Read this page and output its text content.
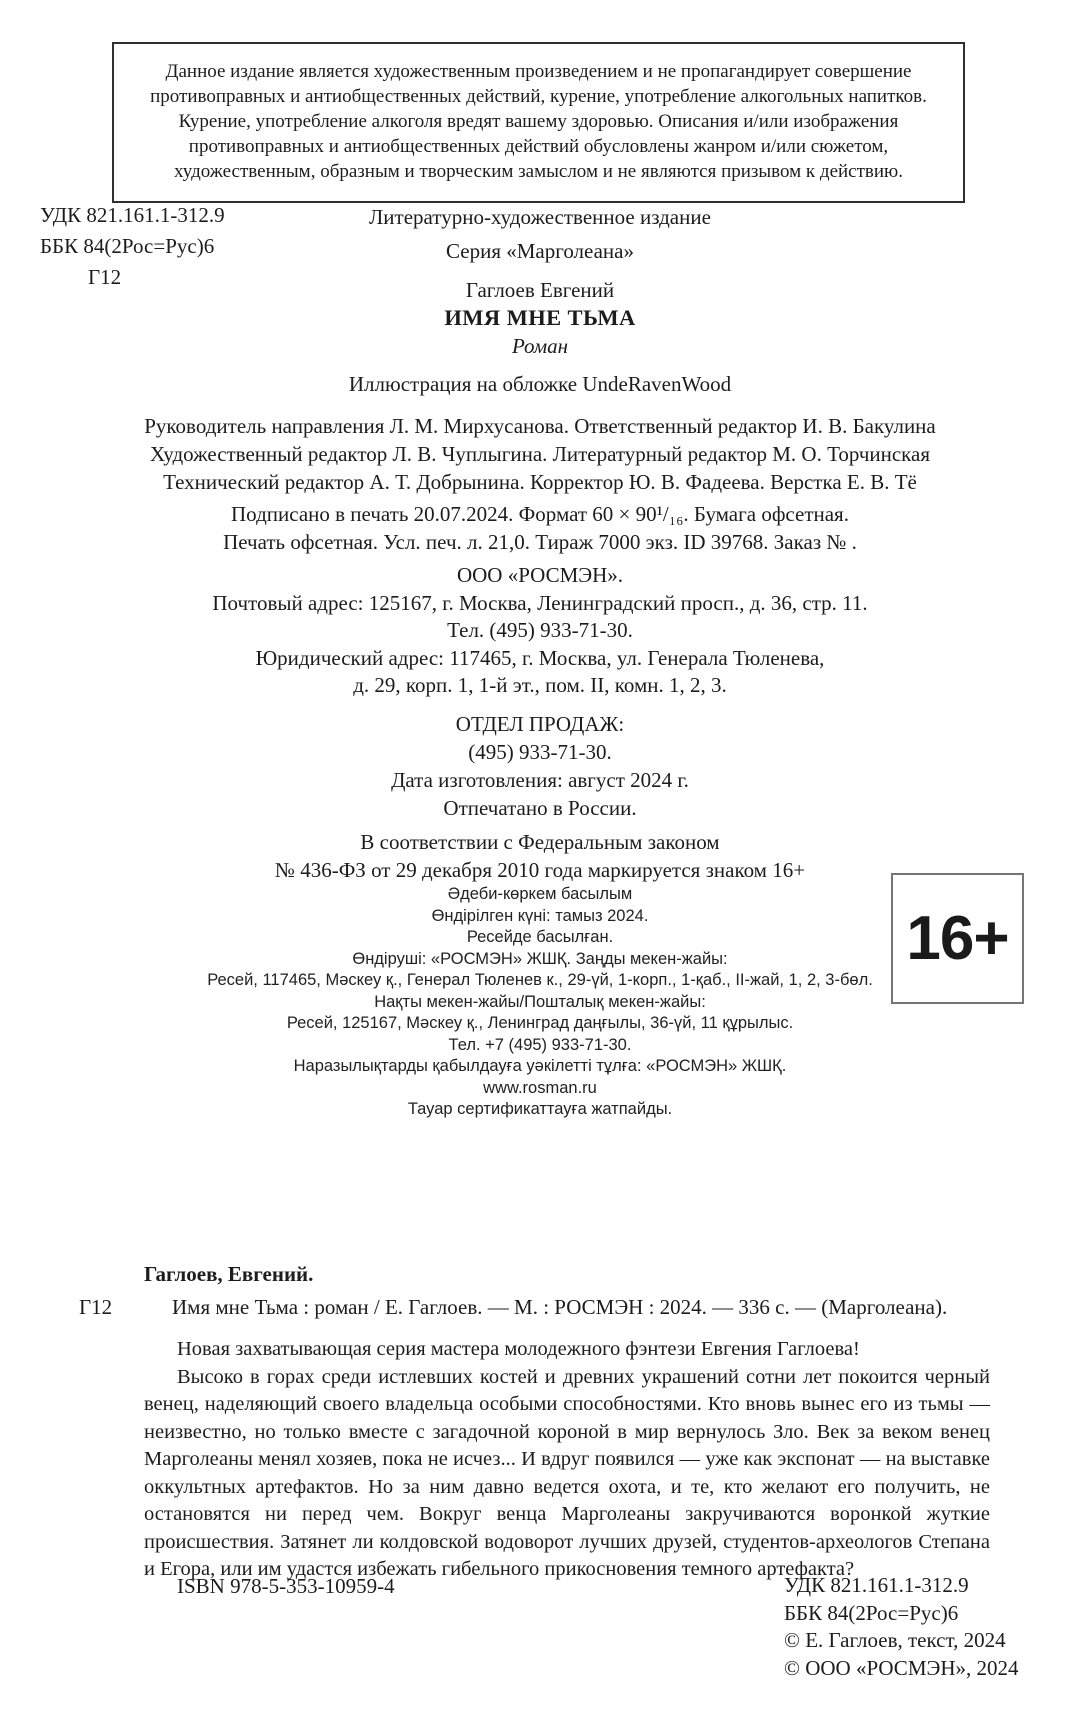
Данное издание является художественным произведением и не пропагандирует совершение
противоправных и антиобщественных действий, курение, употребление алкогольных напитков.
Курение, употребление алкоголя вредят вашему здоровью. Описания и/или изображения
противоправных и антиобщественных действий обусловлены жанром и/или сюжетом,
художественным, образным и творческим замыслом и не являются призывом к действию.
УДК 821.161.1-312.9
ББК 84(2Рос=Рус)6
Г12
Литературно-художественное издание
Серия «Марголеана»
Гаглоев Евгений
ИМЯ МНЕ ТЬМА
Роман
Иллюстрация на обложке UndeRavenWood
Руководитель направления Л. М. Мирхусанова. Ответственный редактор И. В. Бакулина
Художественный редактор Л. В. Чуплыгина. Литературный редактор М. О. Торчинская
Технический редактор А. Т. Добрынина. Корректор Ю. В. Фадеева. Верстка Е. В. Тё
Подписано в печать 20.07.2024. Формат 60 × 90¹/₁₆. Бумага офсетная.
Печать офсетная. Усл. печ. л. 21,0. Тираж 7000 экз. ID 39768. Заказ № .
ООО «РОСМЭН».
Почтовый адрес: 125167, г. Москва, Ленинградский просп., д. 36, стр. 11.
Тел. (495) 933-71-30.
Юридический адрес: 117465, г. Москва, ул. Генерала Тюленева,
д. 29, корп. 1, 1-й эт., пом. II, комн. 1, 2, 3.
ОТДЕЛ ПРОДАЖ:
(495) 933-71-30.
Дата изготовления: август 2024 г.
Отпечатано в России.
В соответствии с Федеральным законом
№ 436-ФЗ от 29 декабря 2010 года маркируется знаком 16+
16+
Әдеби-көркем басылым
Өндірілген күні: тамыз 2024.
Ресейде басылған.
Өндіруші: «РОСМЭН» ЖШҚ. Заңды мекен-жайы:
Ресей, 117465, Мәскеу қ., Генерал Тюленев к., 29-үй, 1-корп., 1-қаб., II-жай, 1, 2, 3-бөл.
Нақты мекен-жайы/Пошталық мекен-жайы:
Ресей, 125167, Мәскеу қ., Ленинград даңғылы, 36-үй, 11 құрылыс.
Тел. +7 (495) 933-71-30.
Наразылықтарды қабылдауға уәкілетті тұлға: «РОСМЭН» ЖШҚ.
www.rosman.ru
Тауар сертификаттауға жатпайды.
Гаглоев, Евгений.
Г12	Имя мне Тьма : роман / Е. Гаглоев. — М. : РОСМЭН : 2024. — 336 с. — (Марголеана).

Новая захватывающая серия мастера молодежного фэнтези Евгения Гаглоева!

Высоко в горах среди истлевших костей и древних украшений сотни лет покоится черный венец, наделяющий своего владельца особыми способностями. Кто вновь вынес его из тьмы — неизвестно, но только вместе с загадочной короной в мир вернулось Зло. Век за веком венец Марголеаны менял хозяев, пока не исчез... И вдруг появился — уже как экспонат — на выставке оккультных артефактов. Но за ним давно ведется охота, и те, кто желают его получить, не остановятся ни перед чем. Вокруг венца Марголеаны закручиваются воронкой жуткие происшествия. Затянет ли колдовской водоворот лучших друзей, студентов-археологов Степана и Егора, или им удастся избежать гибельного прикосновения темного артефакта?

ISBN 978-5-353-10959-4	УДК 821.161.1-312.9
ББК 84(2Рос=Рус)6
© Е. Гаглоев, текст, 2024
© ООО «РОСМЭН», 2024
